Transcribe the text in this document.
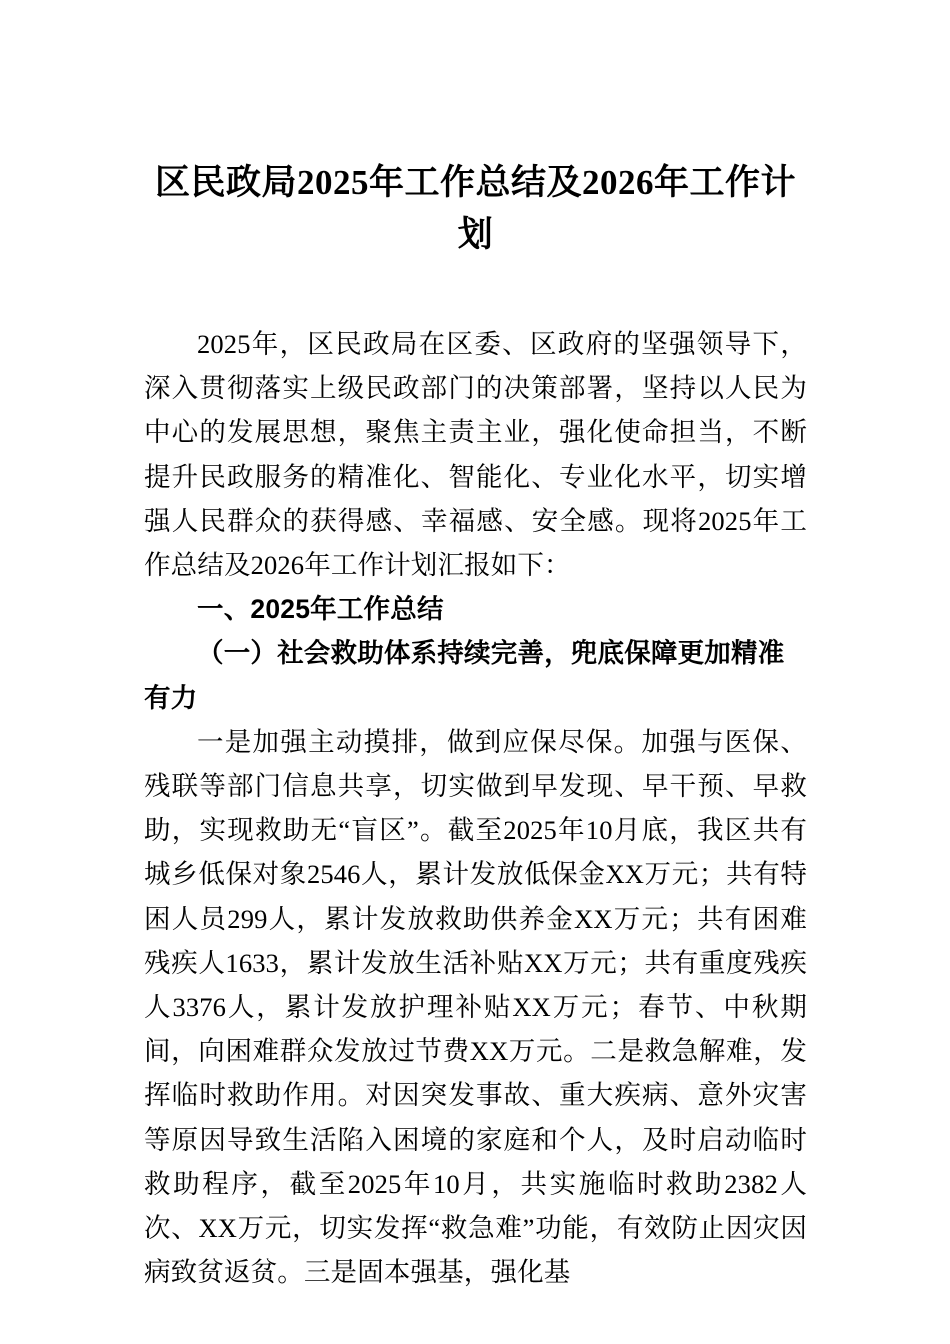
区民政局2025年工作总结及2026年工作计划

2025年，区民政局在区委、区政府的坚强领导下，深入贯彻落实上级民政部门的决策部署，坚持以人民为中心的发展思想，聚焦主责主业，强化使命担当，不断提升民政服务的精准化、智能化、专业化水平，切实增强人民群众的获得感、幸福感、安全感。现将2025年工作总结及2026年工作计划汇报如下：

一、2025年工作总结

（一）社会救助体系持续完善，兜底保障更加精准有力

一是加强主动摸排，做到应保尽保。加强与医保、残联等部门信息共享，切实做到早发现、早干预、早救助，实现救助无“盲区”。截至2025年10月底，我区共有城乡低保对象2546人，累计发放低保金XX万元；共有特困人员299人，累计发放救助供养金XX万元；共有困难残疾人1633，累计发放生活补贴XX万元；共有重度残疾人3376人，累计发放护理补贴XX万元；春节、中秋期间，向困难群众发放过节费XX万元。二是救急解难，发挥临时救助作用。对因突发事故、重大疾病、意外灾害等原因导致生活陷入困境的家庭和个人，及时启动临时救助程序，截至2025年10月，共实施临时救助2382人次、XX万元，切实发挥“救急难”功能，有效防止因灾因病致贫返贫。三是固本强基，强化基
